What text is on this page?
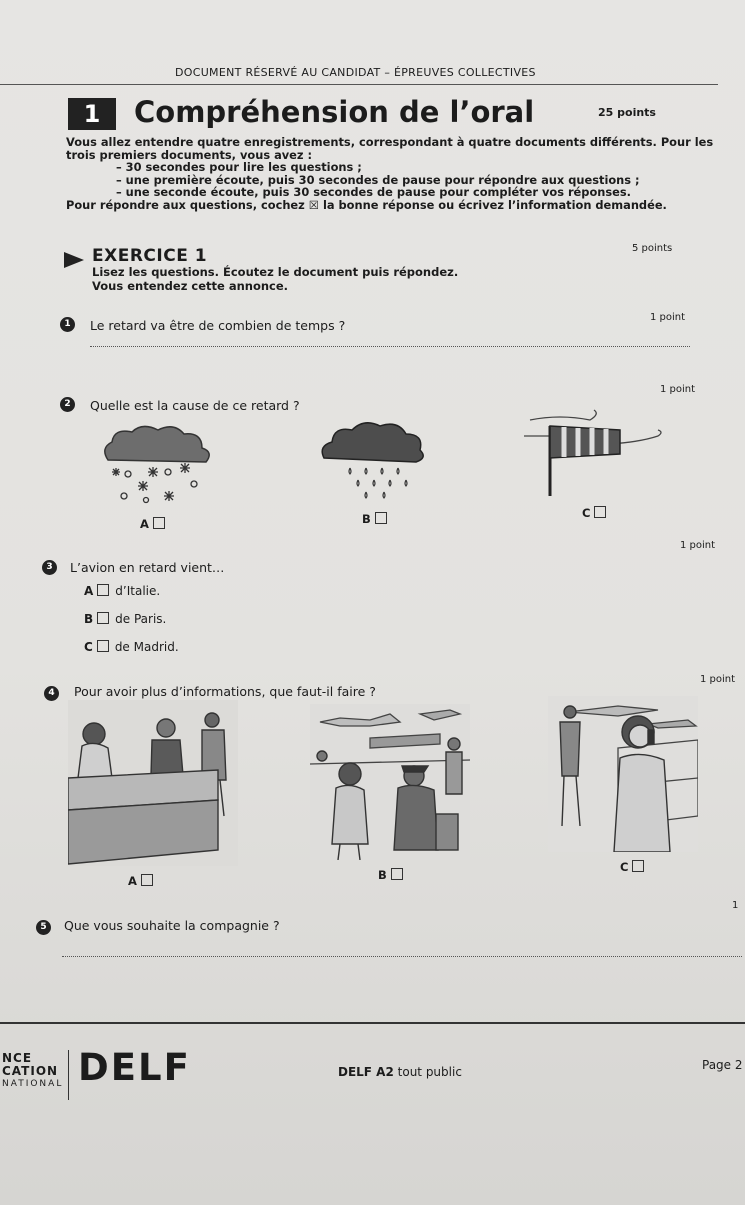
DOCUMENT RÉSERVÉ AU CANDIDAT – ÉPREUVES COLLECTIVES
1	Compréhension de l’oral	25 points
Vous allez entendre quatre enregistrements, correspondant à quatre documents différents. Pour les
trois premiers documents, vous avez :
– 30 secondes pour lire les questions ;
– une première écoute, puis 30 secondes de pause pour répondre aux questions ;
– une seconde écoute, puis 30 secondes de pause pour compléter vos réponses.
Pour répondre aux questions, cochez ☒ la bonne réponse ou écrivez l’information demandée.
EXERCICE 1	5 points
Lisez les questions. Écoutez le document puis répondez.
Vous entendez cette annonce.
1	Le retard va être de combien de temps ?
1 point
2	Quelle est la cause de ce retard ?
1 point
A	B	C
3	L’avion en retard vient…
1 point
A d’Italie.
B de Paris.
C de Madrid.
4	Pour avoir plus d’informations, que faut-il faire ?
1 point
A	B
C
5	Que vous souhaite la compagnie ?
1
NCE
CATION
NATIONAL DELF	DELF A2 tout public	Page 2
